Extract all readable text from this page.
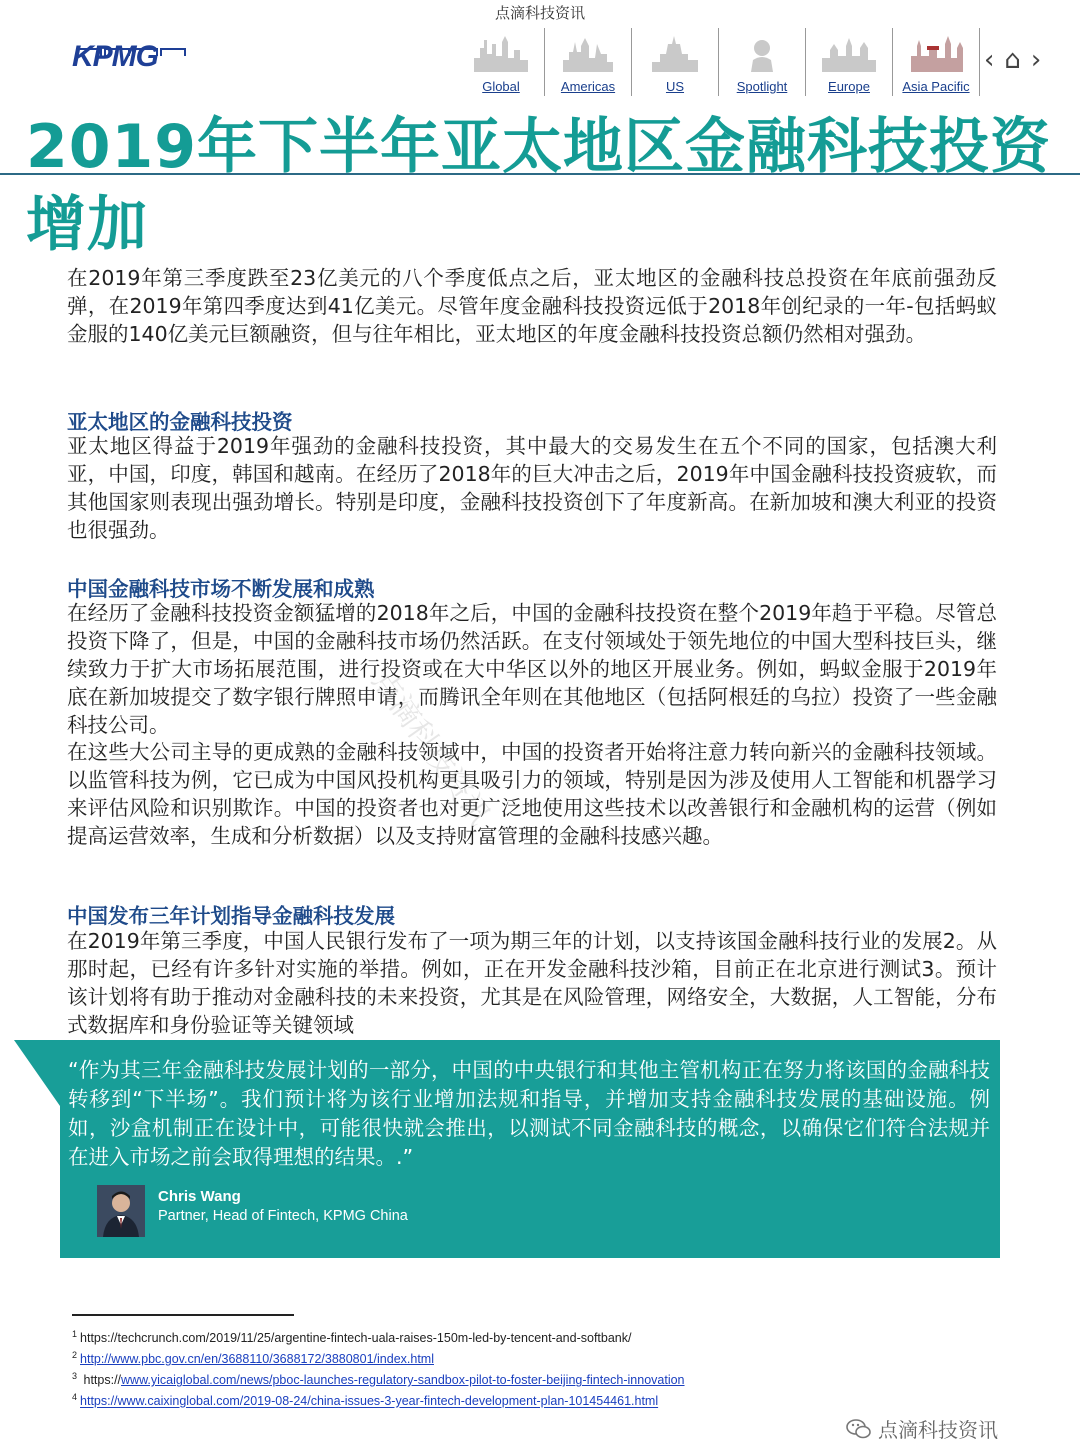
点滴科技资讯
KPMG
Global	Americas	US	Spotlight	Europe	Asia Pacific
‹ ⌂ ›
2019年下半年亚太地区金融科技投资增加
在2019年第三季度跌至23亿美元的八个季度低点之后，亚太地区的金融科技总投资在年底前强劲反弹，在2019年第四季度达到41亿美元。尽管年度金融科技投资远低于2018年创纪录的一年-包括蚂蚁金服的140亿美元巨额融资，但与往年相比，亚太地区的年度金融科技投资总额仍然相对强劲。
亚太地区的金融科技投资
亚太地区得益于2019年强劲的金融科技投资，其中最大的交易发生在五个不同的国家，包括澳大利亚，中国，印度，韩国和越南。在经历了2018年的巨大冲击之后，2019年中国金融科技投资疲软，而其他国家则表现出强劲增长。特别是印度，金融科技投资创下了年度新高。在新加坡和澳大利亚的投资也很强劲。
中国金融科技市场不断发展和成熟
在经历了金融科技投资金额猛增的2018年之后，中国的金融科技投资在整个2019年趋于平稳。尽管总投资下降了，但是，中国的金融科技市场仍然活跃。在支付领域处于领先地位的中国大型科技巨头，继续致力于扩大市场拓展范围，进行投资或在大中华区以外的地区开展业务。例如，蚂蚁金服于2019年底在新加坡提交了数字银行牌照申请，而腾讯全年则在其他地区（包括阿根廷的乌拉）投资了一些金融科技公司。
在这些大公司主导的更成熟的金融科技领域中，中国的投资者开始将注意力转向新兴的金融科技领域。以监管科技为例，它已成为中国风投机构更具吸引力的领域，特别是因为涉及使用人工智能和机器学习来评估风险和识别欺诈。中国的投资者也对更广泛地使用这些技术以改善银行和金融机构的运营（例如提高运营效率，生成和分析数据）以及支持财富管理的金融科技感兴趣。
中国发布三年计划指导金融科技发展
在2019年第三季度，中国人民银行发布了一项为期三年的计划，以支持该国金融科技行业的发展2。从那时起，已经有许多针对实施的举措。例如，正在开发金融科技沙箱，目前正在北京进行测试3。预计该计划将有助于推动对金融科技的未来投资，尤其是在风险管理，网络安全，大数据，人工智能，分布式数据库和身份验证等关键领域
“作为其三年金融科技发展计划的一部分，中国的中央银行和其他主管机构正在努力将该国的金融科技转移到“下半场”。我们预计将为该行业增加法规和指导，并增加支持金融科技发展的基础设施。例如，沙盒机制正在设计中，可能很快就会推出，以测试不同金融科技的概念，以确保它们符合法规并在进入市场之前会取得理想的结果。.”
Chris Wang
Partner, Head of Fintech, KPMG China
$^1$ https://techcrunch.com/2019/11/25/argentine-fintech-uala-raises-150m-led-by-tencent-and-softbank/
$^2$ http://www.pbc.gov.cn/en/3688110/3688172/3880801/index.html
$^3$ https://www.yicaiglobal.com/news/pboc-launches-regulatory-sandbox-pilot-to-foster-beijing-fintech-innovation
$^4$ https://www.caixinglobal.com/2019-08-24/china-issues-3-year-fintech-development-plan-101454461.html
点滴科技资讯
点滴科技资讯
